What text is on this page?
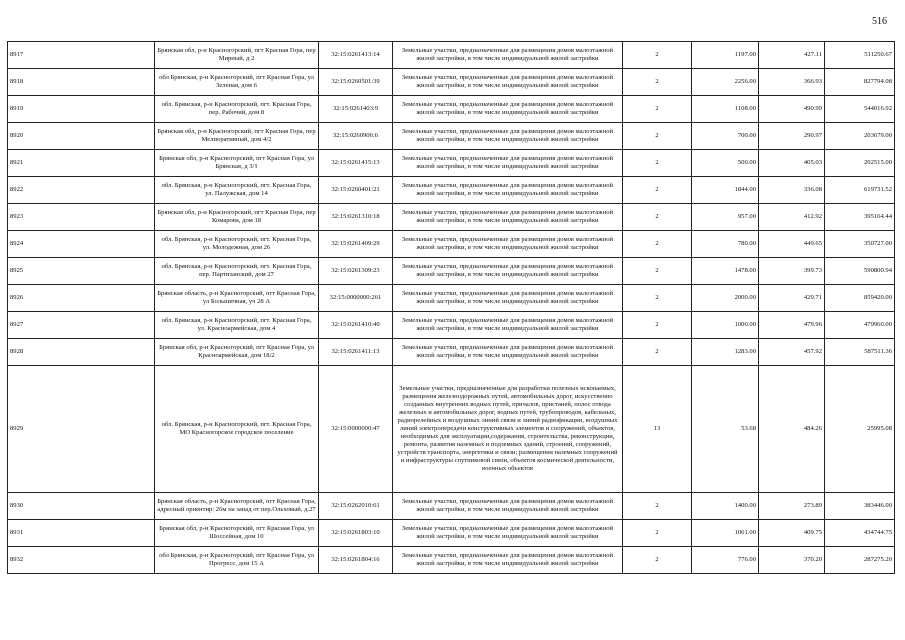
516
8917	Брянская обл, р-н Красногорский, пгт Красная Гора, пер Мирный, д 2	32:15:0261413:14	Земельные участки, предназначенные для размещения домов малоэтажной жилой застройки, в том числе индивидуальной жилой застройки	2	1197.00	427.11	511250.67
8918	обл Брянская, р-н Красногорский, пгт Красная Гора, ул Зеленая, дом 6	32:15:0260501:39	Земельные участки, предназначенные для размещения домов малоэтажной жилой застройки, в том числе индивидуальной жилой застройки	2	2256.00	366.93	827794.08
8919	обл. Брянская, р-н Красногорский, пгт. Красная Гора, пер. Рабочий, дом 8	32:15:0261403:9	Земельные участки, предназначенные для размещения домов малоэтажной жилой застройки, в том числе индивидуальной жилой застройки	2	1108.00	490.99	544016.92
8920	Брянская обл, р-н Красногорский, пгт Красная Гора, пер Мелиоративный, дом 4/2	32:15:0260906:6	Земельные участки, предназначенные для размещения домов малоэтажной жилой застройки, в том числе индивидуальной жилой застройки	2	700.00	290.97	203679.00
8921	Брянская обл, р-н Красногорский, пгт Красная Гора, ул Брянская, д 3/1	32:15:0261415:13	Земельные участки, предназначенные для размещения домов малоэтажной жилой застройки, в том числе индивидуальной жилой застройки	2	500.00	405.03	202515.00
8922	обл. Брянская, р-н Красногорский, пгт. Красная Гора, ул. Палужская, дом 14	32:15:0260401:21	Земельные участки, предназначенные для размещения домов малоэтажной жилой застройки, в том числе индивидуальной жилой застройки	2	1844.00	336.08	619731.52
8923	Брянская обл, р-н Красногорский, пгт Красная Гора, пер Комарова, дом 18	32:15:0261310:18	Земельные участки, предназначенные для размещения домов малоэтажной жилой застройки, в том числе индивидуальной жилой застройки	2	957.00	412.92	395164.44
8924	обл. Брянская, р-н Красногорский, пгт. Красная Гора, ул. Молодежная, дом 26	32:15:0261409:29	Земельные участки, предназначенные для размещения домов малоэтажной жилой застройки, в том числе индивидуальной жилой застройки	2	780.00	449.65	350727.00
8925	обл. Брянская, р-н Красногорский, пгт. Красная Гора, пер. Партизанский, дом 27	32:15:0261309:23	Земельные участки, предназначенные для размещения домов малоэтажной жилой застройки, в том числе индивидуальной жилой застройки	2	1478.00	399.73	590800.94
8926	Брянская область, р-н Красногорский, пгт Красная Гора, ул Большичная, уч 28 А	32:15:0000000:261	Земельные участки, предназначенные для размещения домов малоэтажной жилой застройки, в том числе индивидуальной жилой застройки	2	2000.00	429.71	859420.00
8927	обл. Брянская, р-н Красногорский, пгт. Красная Гора, ул. Красноармейская, дом 4	32:15:0261410:40	Земельные участки, предназначенные для размещения домов малоэтажной жилой застройки, в том числе индивидуальной жилой застройки	2	1000.00	479.96	479960.00
8928	Брянская обл, р-н Красногорский, пгт Красная Гора, ул Красноармейская, дом 18/2	32:15:0261411:13	Земельные участки, предназначенные для размещения домов малоэтажной жилой застройки, в том числе индивидуальной жилой застройки	2	1283.00	457.92	587511.36
8929	обл. Брянская, р-н Красногорский, пгт. Красная Гора, МО Красногорское городское поселение	32:15:0000000:47	Земельные участки, предназначенные для разработки полезных ископаемых, размещения железнодорожных путей, автомобильных дорог, искусственно созданных внутренних водных путей, причалов, пристаней, полос отвода железных и автомобильных дорог, водных путей, трубопроводов, кабельных, радиорелейных и воздушных линий связи и линий радиофикации, воздушных линий электропередачи конструктивных элементов и сооружений, объектов, необходимых для эксплуатации,содержания, строительства, реконструкции, ремонта, развития наземных и подземных зданий, строений, сооружений, устройств транспорта, энергетики и связи; размещения наземных сооружений и инфраструктуры спутниковой связи, объектов космической деятельности, военных объектов	13	53.68	484.26	25995.08
8930	Брянская область, р-н Красногорский, пгт Красная Гора, адресный ориентир: 26м на запад от пер.Ольховый, д.27	32:15:0262010:61	Земельные участки, предназначенные для размещения домов малоэтажной жилой застройки, в том числе индивидуальной жилой застройки	2	1400.00	273.89	383446.00
8931	Брянская обл, р-н Красногорский, пгт Красная Гора, ул Шоссейная, дом 10	32:15:0261803:10	Земельные участки, предназначенные для размещения домов малоэтажной жилой застройки, в том числе индивидуальной жилой застройки	2	1061.00	409.75	434744.75
8932	обл Брянская, р-н Красногорский, пгт Красная Гора, ул Прогресс, дом 15 А	32:15:0261804:16	Земельные участки, предназначенные для размещения домов малоэтажной жилой застройки, в том числе индивидуальной жилой застройки	2	776.00	370.20	287275.20
